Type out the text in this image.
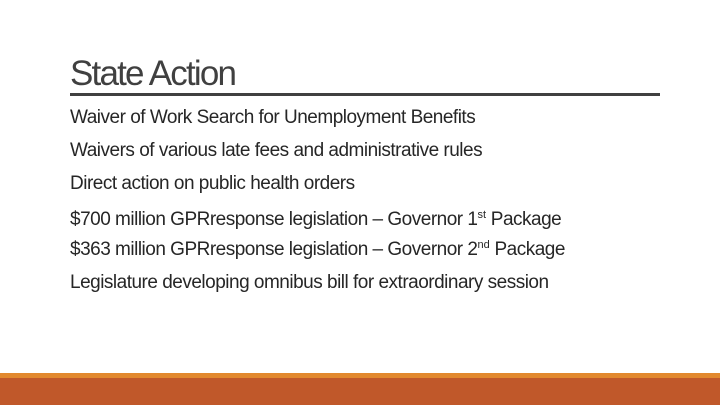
State Action
Waiver of Work Search for Unemployment Benefits
Waivers of various late fees and administrative rules
Direct action on public health orders
$700 million GPRresponse legislation – Governor 1st Package
$363 million GPRresponse legislation – Governor 2nd Package
Legislature developing omnibus bill for extraordinary session
